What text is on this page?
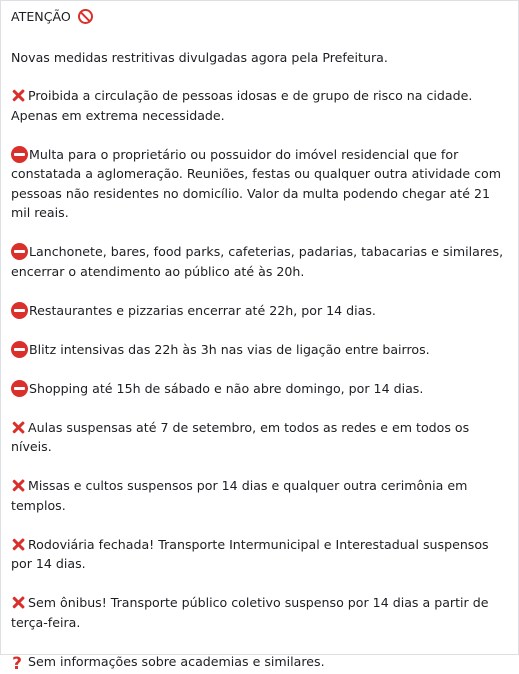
ATENÇÃO

Novas medidas restritivas divulgadas agora pela Prefeitura.

Proibida a circulação de pessoas idosas e de grupo de risco na cidade. Apenas em extrema necessidade.

Multa para o proprietário ou possuidor do imóvel residencial que for constatada a aglomeração. Reuniões, festas ou qualquer outra atividade com pessoas não residentes no domicílio. Valor da multa podendo chegar até 21 mil reais.

Lanchonete, bares, food parks, cafeterias, padarias, tabacarias e similares, encerrar o atendimento ao público até às 20h.

Restaurantes e pizzarias encerrar até 22h, por 14 dias.

Blitz intensivas das 22h às 3h nas vias de ligação entre bairros.

Shopping até 15h de sábado e não abre domingo, por 14 dias.

Aulas suspensas até 7 de setembro, em todos as redes e em todos os níveis.

Missas e cultos suspensos por 14 dias e qualquer outra cerimônia em templos.

Rodoviária fechada! Transporte Intermunicipal e Interestadual suspensos por 14 dias.

Sem ônibus! Transporte público coletivo suspenso por 14 dias a partir de terça-feira.

? Sem informações sobre academias e similares.
